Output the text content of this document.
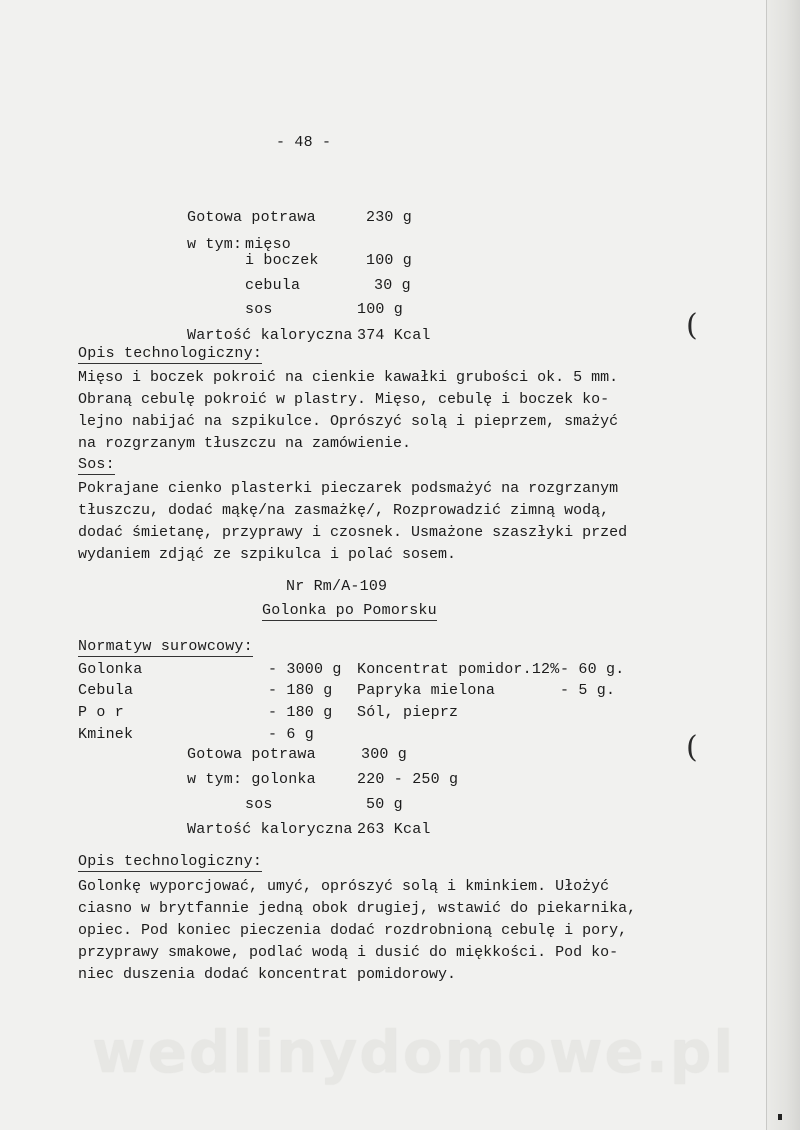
- 48 -
Gotowa potrawa	230 g
w tym: mięso
i boczek	100 g
cebula	30 g
sos	100 g
Wartość kaloryczna 374 Kcal
Opis technologiczny:
Mięso i boczek pokroić na cienkie kawałki grubości ok. 5 mm.
Obraną cebulę pokroić w plastry. Mięso, cebulę i boczek ko-
lejno nabijać na szpikulce. Oprószyć solą i pieprzem, smażyć
na rozgrzanym tłuszczu na zamówienie.
Sos:
Pokrajane cienko plasterki pieczarek podsmażyć na rozgrzanym
tłuszczu, dodać mąkę/na zasmażkę/, Rozprowadzić zimną wodą,
dodać śmietanę, przyprawy i czosnek. Usmażone szaszłyki przed
wydaniem zdjąć ze szpikulca i polać sosem.
Nr Rm/A-109
Golonka po Pomorsku
Normatyw surowcowy:
Golonka	- 3000 g
Cebula	- 180 g
P o r	- 180 g
Kminek	- 6 g
Koncentrat pomidor.12% - 60 g.
Papryka mielona	- 5 g.
Sól, pieprz
Gotowa potrawa	300 g
w tym: golonka	220 - 250 g
sos	50 g
Wartość kaloryczna 263 Kcal
Opis technologiczny:
Golonkę wyporcjować, umyć, oprószyć solą i kminkiem. Ułożyć
ciasno w brytfannie jedną obok drugiej, wstawić do piekarnika,
opiec. Pod koniec pieczenia dodać rozdrobnioną cebulę i pory,
przyprawy smakowe, podlać wodą i dusić do miękkości. Pod ko-
niec duszenia dodać koncentrat pomidorowy.
wedlinydomowe.pl
(
(
